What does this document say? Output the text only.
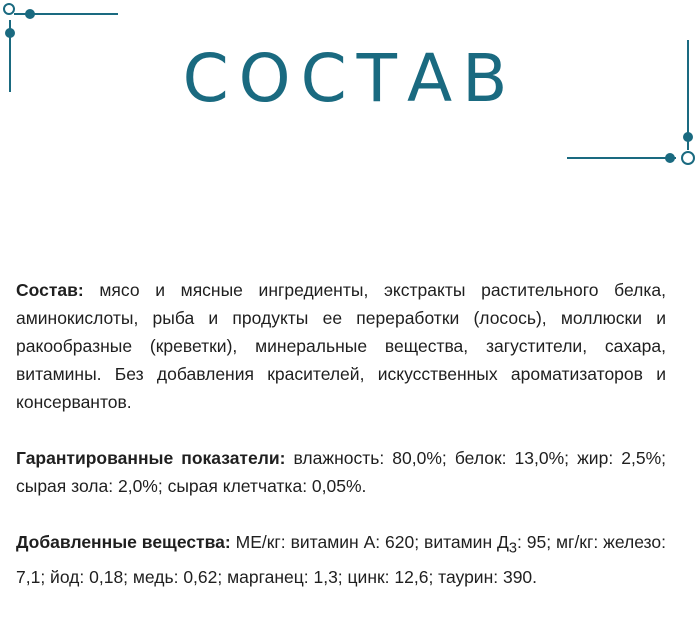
СОСТАВ

Состав: мясо и мясные ингредиенты, экстракты растительного белка, аминокислоты, рыба и продукты ее переработки (лосось), моллюски и ракообразные (креветки), минеральные вещества, загустители, сахара, витамины. Без добавления красителей, искусственных ароматизаторов и консервантов.

Гарантированные показатели: влажность: 80,0%; белок: 13,0%; жир: 2,5%; сырая зола: 2,0%; сырая клетчатка: 0,05%.

Добавленные вещества: МЕ/кг: витамин А: 620; витамин $Д_3$: 95; мг/кг: железо: 7,1; йод: 0,18; медь: 0,62; марганец: 1,3; цинк: 12,6; таурин: 390.
